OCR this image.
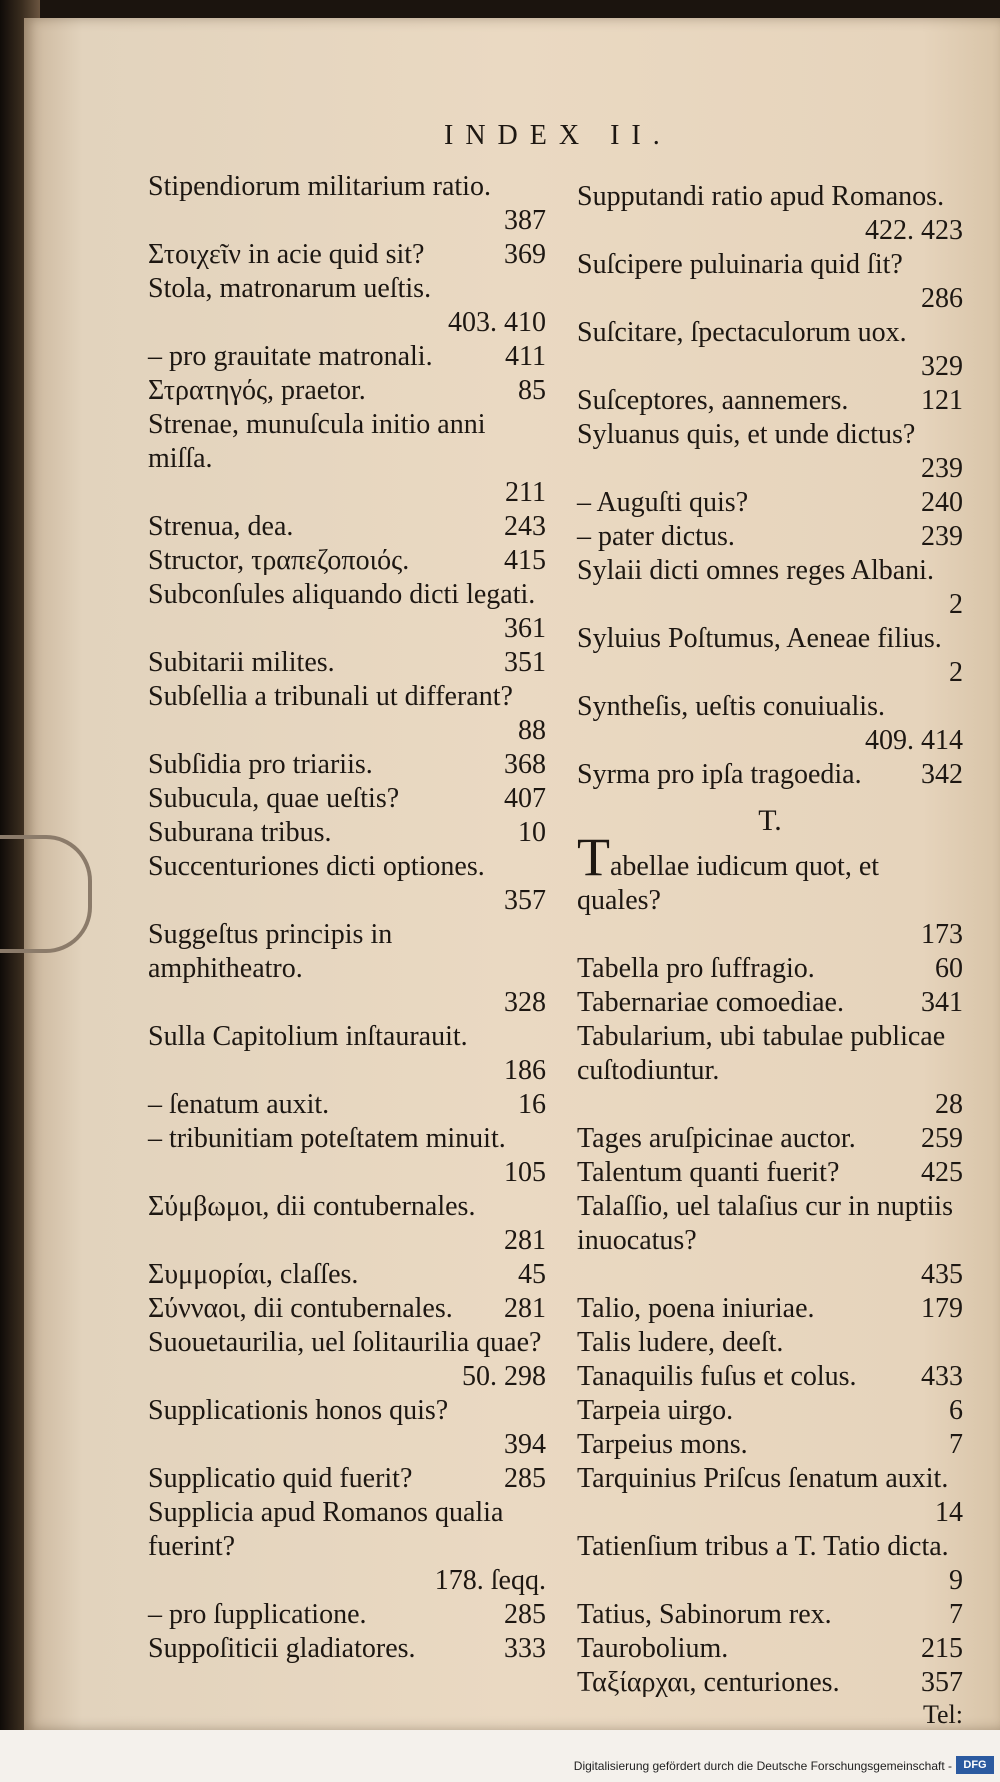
INDEX II.
Stipendiorum militarium ratio.
387
Στοιχεῖν in acie quid sit?	369
Stola, matronarum ueſtis.
403. 410
– pro grauitate matronali.	411
Στρατηγός, praetor.	85
Strenae, munuſcula initio anni miſſa.
211
Strenua, dea.	243
Structor, τραπεζοποιός.	415
Subconſules aliquando dicti legati.
361
Subitarii milites.	351
Subſellia a tribunali ut differant?
88
Subſidia pro triariis.	368
Subucula, quae ueſtis?	407
Suburana tribus.	10
Succenturiones dicti optiones.
357
Suggeſtus principis in amphitheatro.
328
Sulla Capitolium inſtaurauit.
186
– ſenatum auxit.	16
– tribunitiam poteſtatem minuit.
105
Σύμβωμοι, dii contubernales.
281
Συμμορίαι, claſſes.	45
Σύνναοι, dii contubernales. 281
Suouetaurilia, uel ſolitaurilia quae?
50. 298
Supplicationis honos quis?
394
Supplicatio quid fuerit?	285
Supplicia apud Romanos qualia fuerint?
178. ſeqq.
– pro ſupplicatione.	285
Suppoſiticii gladiatores.	333
Supputandi ratio apud Romanos.
422. 423
Suſcipere puluinaria quid ſit?
286
Suſcitare, ſpectaculorum uox.
329
Suſceptores, aannemers.	121
Syluanus quis, et unde dictus?
239
– Auguſti quis?	240
– pater dictus.	239
Sylaii dicti omnes reges Albani.
2
Syluius Poſtumus, Aeneae filius.
2
Syntheſis, ueſtis conuiualis.
409. 414
Syrma pro ipſa tragoedia. 342
T.
Tabellae iudicum quot, et quales?
173
Tabella pro ſuffragio.	60
Tabernariae comoediae.	341
Tabularium, ubi tabulae publicae cuſtodiuntur.
28
Tages aruſpicinae auctor. 259
Talentum quanti fuerit?	425
Talaſſio, uel talaſius cur in nuptiis inuocatus?
435
Talio, poena iniuriae.	179
Talis ludere, deeſt.
Tanaquilis fuſus et colus. 433
Tarpeia uirgo.	6
Tarpeius mons.	7
Tarquinius Priſcus ſenatum auxit.
14
Tatienſium tribus a T. Tatio dicta.
9
Tatius, Sabinorum rex.	7
Taurobolium.	215
Ταξίαρχαι, centuriones.	357
Tel:
Digitalisierung gefördert durch die Deutsche Forschungsgemeinschaft -	DFG
